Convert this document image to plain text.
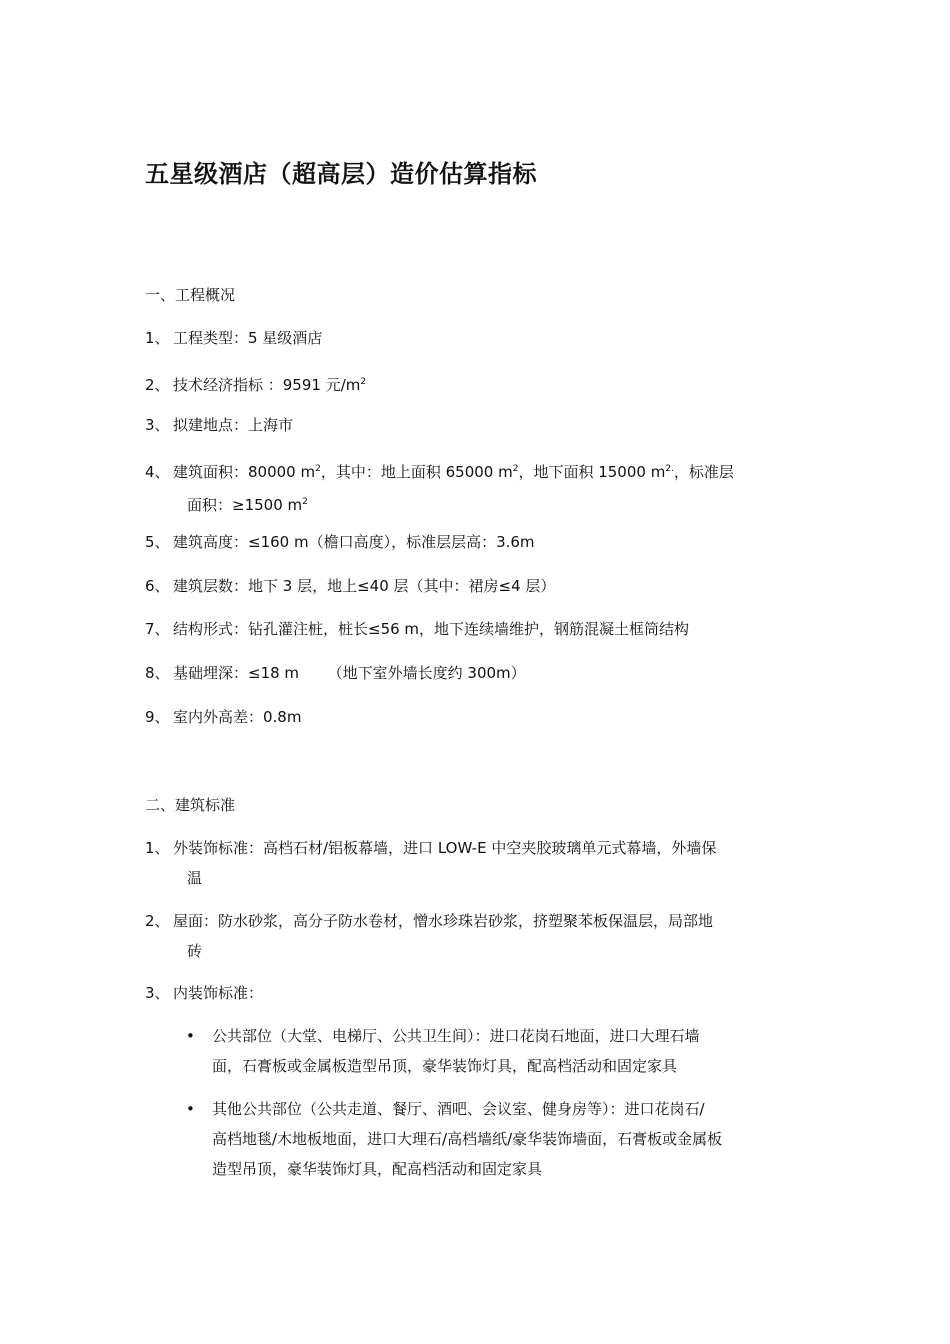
五星级酒店（超高层）造价估算指标

一、工程概况

1、 工程类型：5 星级酒店

2、 技术经济指标 ：9591 元$/m^2$

3、 拟建地点：上海市

4、 建筑面积：80000 $m^2$，其中：地上面积 65000 $m^2$，地下面积 15000 $m^{2.}$，标准层
面积：≥1500 $m^2$

5、 建筑高度：≤160 m（檐口高度），标准层层高：3.6m

6、 建筑层数：地下 3 层，地上≤40 层（其中：裙房≤4 层）

7、 结构形式：钻孔灌注桩，桩长≤56 m，地下连续墙维护，钢筋混凝土框筒结构

8、 基础埋深：≤18 m      （地下室外墙长度约 300m）

9、 室内外高差：0.8m

二、建筑标准

1、 外装饰标准：高档石材/铝板幕墙，进口 LOW-E 中空夹胶玻璃单元式幕墙，外墙保
温
2、 屋面：防水砂浆，高分子防水卷材，憎水珍珠岩砂浆，挤塑聚苯板保温层，局部地
砖

3、 内装饰标准：

•	公共部位（大堂、电梯厅、公共卫生间）：进口花岗石地面，进口大理石墙
面，石膏板或金属板造型吊顶，豪华装饰灯具，配高档活动和固定家具
•	其他公共部位（公共走道、餐厅、酒吧、会议室、健身房等）：进口花岗石/
高档地毯/木地板地面，进口大理石/高档墙纸/豪华装饰墙面，石膏板或金属板
造型吊顶，豪华装饰灯具，配高档活动和固定家具
